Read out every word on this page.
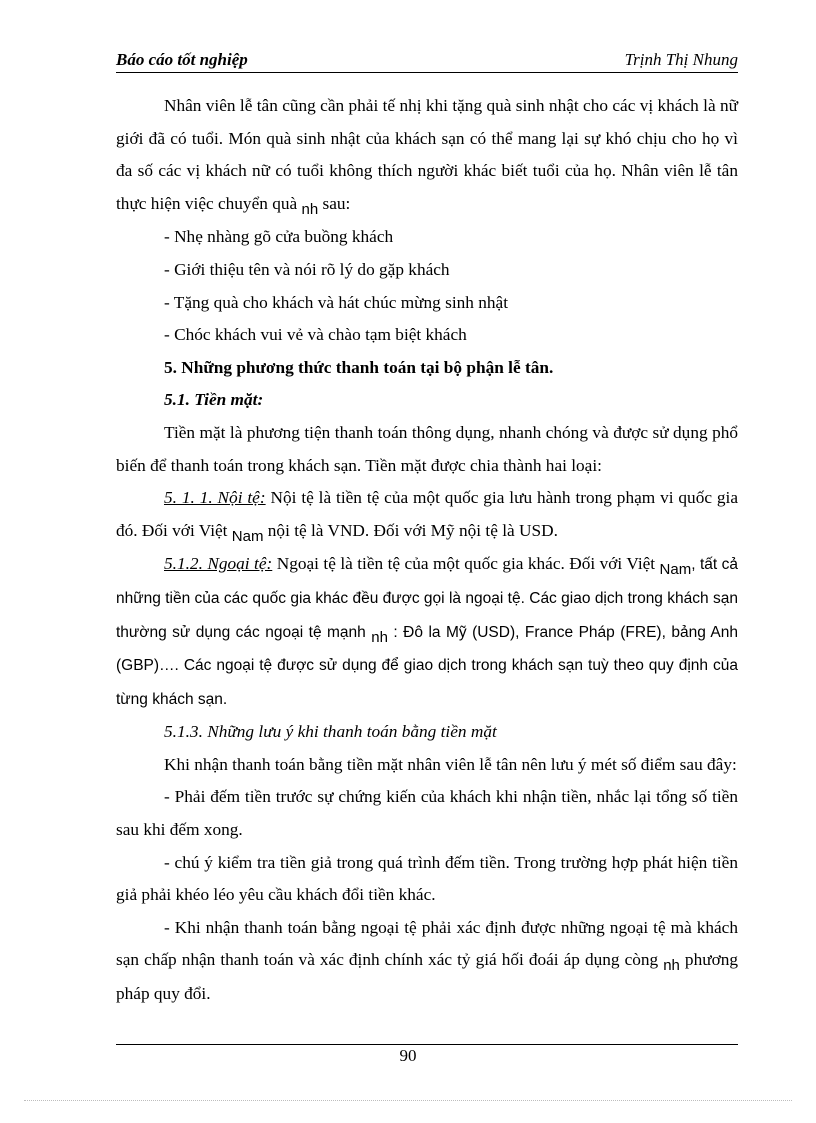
Báo cáo tốt nghiệp	Trịnh Thị Nhung

Nhân viên lễ tân cũng cần phải tế nhị khi tặng quà sinh nhật cho các vị khách là nữ giới đã có tuổi. Món quà sinh nhật của khách sạn có thể mang lại sự khó chịu cho họ vì đa số các vị khách nữ có tuổi không thích người khác biết tuổi của họ. Nhân viên lễ tân thực hiện việc chuyển quà nh sau:

- Nhẹ nhàng gõ cửa buồng khách

- Giới thiệu tên và nói rõ lý do gặp khách

- Tặng quà cho khách và hát chúc mừng sinh nhật

- Chóc khách vui vẻ và chào tạm biệt khách

5. Những phương thức thanh toán tại bộ phận lễ tân.

5.1. Tiền mặt:

Tiền mặt là phương tiện thanh toán thông dụng, nhanh chóng và được sử dụng phổ biến để thanh toán trong khách sạn. Tiền mặt được chia thành hai loại:

5. 1. 1. Nội tệ: Nội tệ là tiền tệ của một quốc gia lưu hành trong phạm vi quốc gia đó. Đối với Việt Nam nội tệ là VND. Đối với Mỹ nội tệ là USD.

5.1.2. Ngoại tệ: Ngoại tệ là tiền tệ của một quốc gia khác. Đối với Việt Nam, tất cả những tiền của các quốc gia khác đều được gọi là ngoại tệ. Các giao dịch trong khách sạn thường sử dụng các ngoại tệ mạnh nh : Đô la Mỹ (USD), France Pháp (FRE), bảng Anh (GBP)…. Các ngoại tệ được sử dụng để giao dịch trong khách sạn tuỳ theo quy định của từng khách sạn.

5.1.3. Những lưu ý khi thanh toán bằng tiền mặt

Khi nhận thanh toán bằng tiền mặt nhân viên lễ tân nên lưu ý mét số điểm sau đây:

- Phải đếm tiền trước sự chứng kiến của khách khi nhận tiền, nhắc lại tổng số tiền sau khi đếm xong.

- chú ý kiểm tra tiền giả trong quá trình đếm tiền. Trong trường hợp phát hiện tiền giả phải khéo léo yêu cầu khách đổi tiền khác.

- Khi nhận thanh toán bằng ngoại tệ phải xác định được những ngoại tệ mà khách sạn chấp nhận thanh toán và xác định chính xác tỷ giá hối đoái áp dụng còng nh phương pháp quy đổi.

90
